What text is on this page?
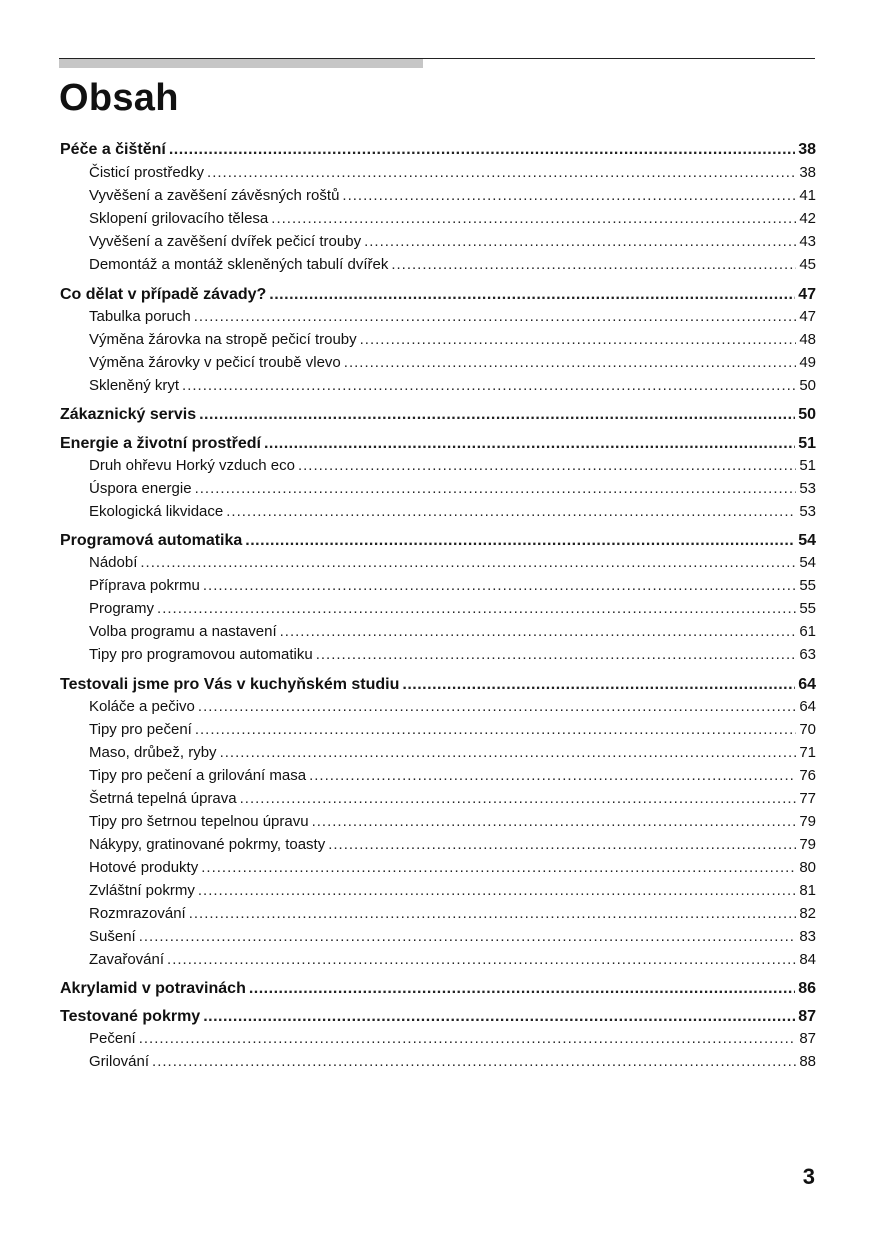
Obsah
Péče a čištění .....	38
Čisticí prostředky .....	38
Vyvěšení a zavěšení závěsných roštů .....	41
Sklopení grilovacího tělesa .....	42
Vyvěšení a zavěšení dvířek pečicí trouby .....	43
Demontáž a montáž skleněných tabulí dvířek .....	45
Co dělat v případě závady? .....	47
Tabulka poruch .....	47
Výměna žárovka na stropě pečicí trouby .....	48
Výměna žárovky v pečicí troubě vlevo .....	49
Skleněný kryt .....	50
Zákaznický servis .....	50
Energie a životní prostředí .....	51
Druh ohřevu Horký vzduch eco .....	51
Úspora energie .....	53
Ekologická likvidace .....	53
Programová automatika .....	54
Nádobí .....	54
Příprava pokrmu .....	55
Programy .....	55
Volba programu a nastavení .....	61
Tipy pro programovou automatiku .....	63
Testovali jsme pro Vás v kuchyňském studiu .....	64
Koláče a pečivo .....	64
Tipy pro pečení .....	70
Maso, drůbež, ryby .....	71
Tipy pro pečení a grilování masa .....	76
Šetrná tepelná úprava .....	77
Tipy pro šetrnou tepelnou úpravu .....	79
Nákypy, gratinované pokrmy, toasty .....	79
Hotové produkty .....	80
Zvláštní pokrmy .....	81
Rozmrazování .....	82
Sušení .....	83
Zavařování .....	84
Akrylamid v potravinách .....	86
Testované pokrmy .....	87
Pečení .....	87
Grilování .....	88
3
